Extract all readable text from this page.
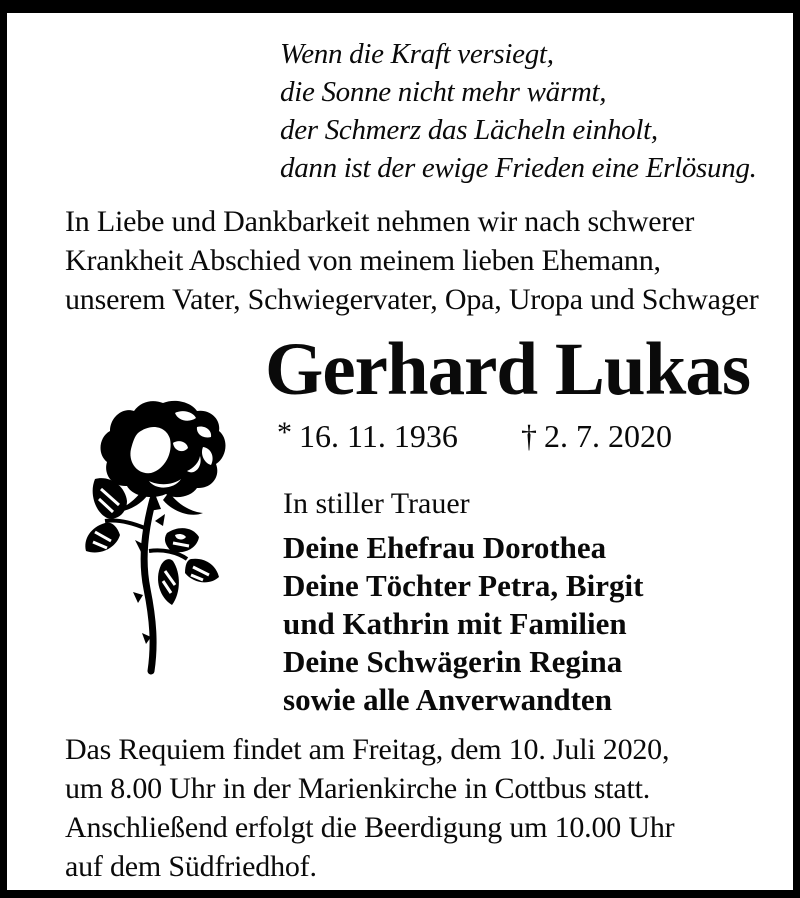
Wenn die Kraft versiegt,
die Sonne nicht mehr wärmt,
der Schmerz das Lächeln einholt,
dann ist der ewige Frieden eine Erlösung.
In Liebe und Dankbarkeit nehmen wir nach schwerer
Krankheit Abschied von meinem lieben Ehemann,
unserem Vater, Schwiegervater, Opa, Uropa und Schwager
Gerhard Lukas
* 16. 11. 1936 † 2. 7. 2020
In stiller Trauer
Deine Ehefrau Dorothea
Deine Töchter Petra, Birgit
und Kathrin mit Familien
Deine Schwägerin Regina
sowie alle Anverwandten
Das Requiem findet am Freitag, dem 10. Juli 2020,
um 8.00 Uhr in der Marienkirche in Cottbus statt.
Anschließend erfolgt die Beerdigung um 10.00 Uhr
auf dem Südfriedhof.
